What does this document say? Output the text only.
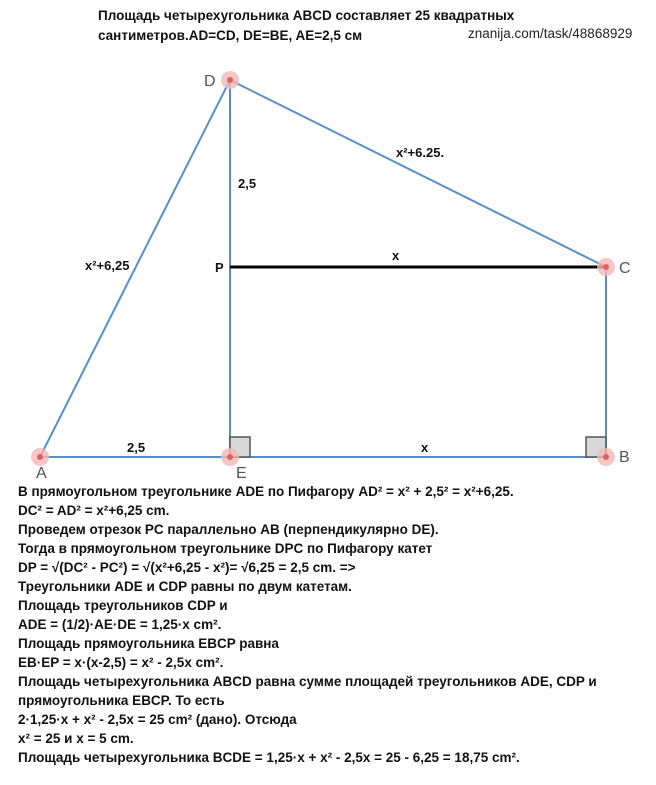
Площадь четырехугольника ABCD составляет 25 квадратных сантиметров.AD=CD, DE=BE, AE=2,5 см	znanija.com/task/48868929
D
C
B
A	E
P
x²+6,25
x²+6.25.
2,5
x
2,5	x
В прямоугольном треугольнике ADE по Пифагору AD² = x² + 2,5² = x²+6,25.
DC² = AD² = x²+6,25 cm.
Проведем отрезок PC параллельно AB (перпендикулярно DE).
Тогда в прямоугольном треугольнике DPC по Пифагору катет
DP = √(DC² - PC²) = √(x²+6,25 - x²)= √6,25 = 2,5 cm. =>
Треугольники ADE и CDP равны по двум катетам.
Площадь треугольников CDP и
ADE = (1/2)·AE·DE = 1,25·x cm².
Площадь прямоугольника EBCP равна
EB·EP = x·(x-2,5) = x² - 2,5x cm².
Площадь четырехугольника ABCD равна сумме площадей треугольников ADE, CDP и
прямоугольника EBCP. То есть
2·1,25·x + x² - 2,5x = 25 cm² (дано). Отсюда
x² = 25 и x = 5 cm.
Площадь четырехугольника BCDE = 1,25·x + x² - 2,5x = 25 - 6,25 = 18,75 cm².
